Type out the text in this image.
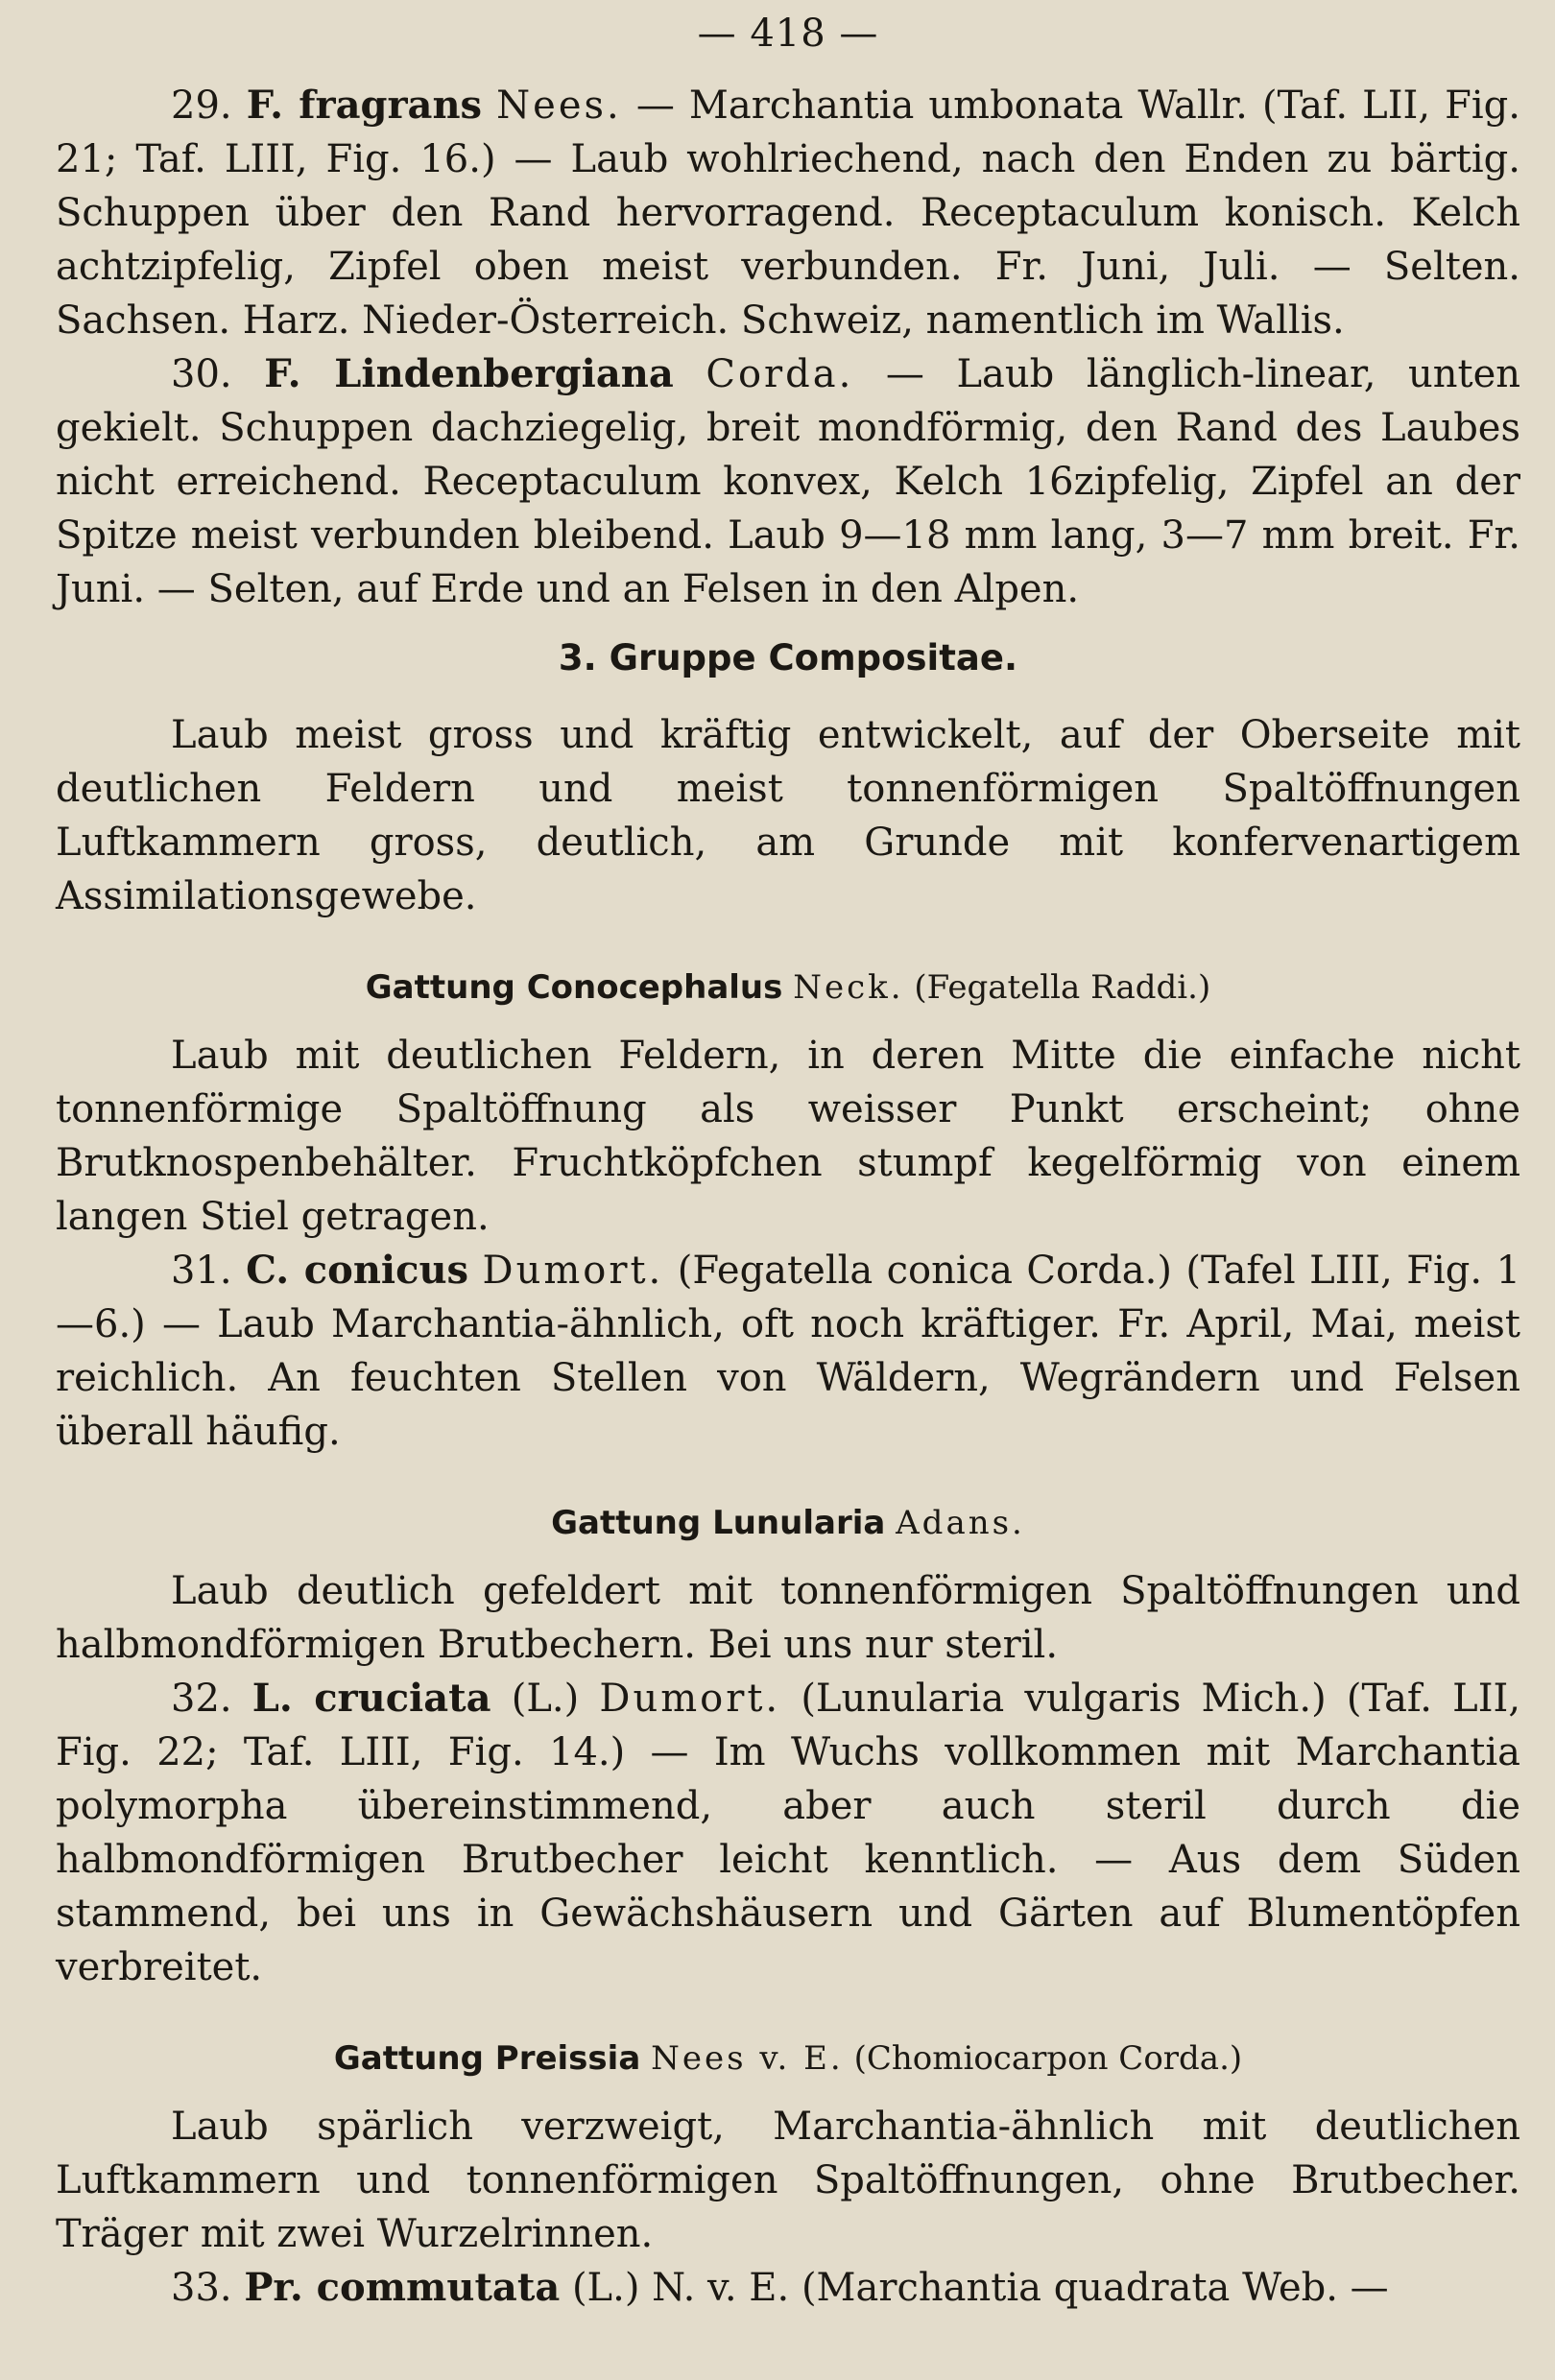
— 418 —

29. F. fragrans Nees. — Marchantia umbonata Wallr. (Taf. LII, Fig. 21; Taf. LIII, Fig. 16.) — Laub wohlriechend, nach den Enden zu bärtig. Schuppen über den Rand hervorragend. Receptaculum konisch. Kelch achtzipfelig, Zipfel oben meist verbunden. Fr. Juni, Juli. — Selten. Sachsen. Harz. Nieder-Österreich. Schweiz, namentlich im Wallis.

30. F. Lindenbergiana Corda. — Laub länglich-linear, unten gekielt. Schuppen dachziegelig, breit mondförmig, den Rand des Laubes nicht erreichend. Receptaculum konvex, Kelch 16zipfelig, Zipfel an der Spitze meist verbunden bleibend. Laub 9—18 mm lang, 3—7 mm breit. Fr. Juni. — Selten, auf Erde und an Felsen in den Alpen.

3. Gruppe Compositae.

Laub meist gross und kräftig entwickelt, auf der Oberseite mit deutlichen Feldern und meist tonnenförmigen Spaltöffnungen Luftkammern gross, deutlich, am Grunde mit konfervenartigem Assimilationsgewebe.

Gattung Conocephalus Neck. (Fegatella Raddi.)

Laub mit deutlichen Feldern, in deren Mitte die einfache nicht tonnenförmige Spaltöffnung als weisser Punkt erscheint; ohne Brutknospenbehälter. Fruchtköpfchen stumpf kegelförmig von einem langen Stiel getragen.

31. C. conicus Dumort. (Fegatella conica Corda.) (Tafel LIII, Fig. 1—6.) — Laub Marchantia-ähnlich, oft noch kräftiger. Fr. April, Mai, meist reichlich. An feuchten Stellen von Wäldern, Wegrändern und Felsen überall häufig.

Gattung Lunularia Adans.

Laub deutlich gefeldert mit tonnenförmigen Spaltöffnungen und halbmondförmigen Brutbechern. Bei uns nur steril.

32. L. cruciata (L.) Dumort. (Lunularia vulgaris Mich.) (Taf. LII, Fig. 22; Taf. LIII, Fig. 14.) — Im Wuchs vollkommen mit Marchantia polymorpha übereinstimmend, aber auch steril durch die halbmondförmigen Brutbecher leicht kenntlich. — Aus dem Süden stammend, bei uns in Gewächshäusern und Gärten auf Blumentöpfen verbreitet.

Gattung Preissia Nees v. E. (Chomiocarpon Corda.)

Laub spärlich verzweigt, Marchantia-ähnlich mit deutlichen Luftkammern und tonnenförmigen Spaltöffnungen, ohne Brutbecher. Träger mit zwei Wurzelrinnen.

33. Pr. commutata (L.) N. v. E. (Marchantia quadrata Web. —
